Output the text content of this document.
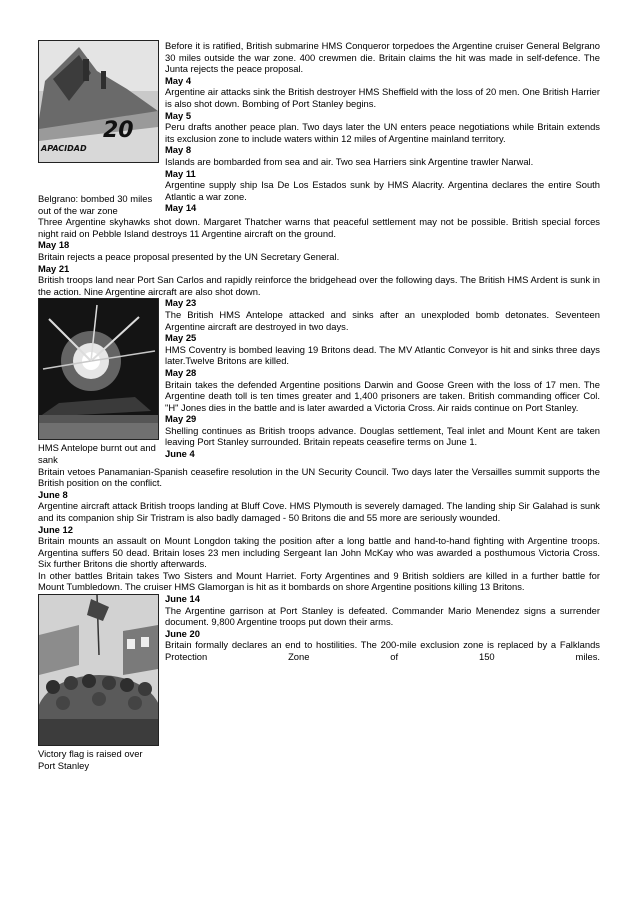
20
APACIDAD
Belgrano: bombed 30 miles out of the war zone

Before it is ratified, British submarine HMS Conqueror torpedoes the Argentine cruiser General Belgrano 30 miles outside the war zone. 400 crewmen die. Britain claims the hit was made in self-defence. The Junta rejects the peace proposal.

May 4

Argentine air attacks sink the British destroyer HMS Sheffield with the loss of 20 men. One British Harrier is also shot down. Bombing of Port Stanley begins.

May 5

Peru drafts another peace plan. Two days later the UN enters peace negotiations while Britain extends its exclusion zone to include waters within 12 miles of Argentine mainland territory.

May 8

Islands are bombarded from sea and air. Two sea Harriers sink Argentine trawler Narwal.

May 11

Argentine supply ship Isa De Los Estados sunk by HMS Alacrity. Argentina declares the entire South Atlantic a war zone.

May 14

Three Argentine skyhawks shot down. Margaret Thatcher warns that peaceful settlement may not be possible. British special forces night raid on Pebble Island destroys 11 Argentine aircraft on the ground.

May 18

Britain rejects a peace proposal presented by the UN Secretary General.

May 21

British troops land near Port San Carlos and rapidly reinforce the bridgehead over the following days. The British HMS Ardent is sunk in the action. Nine Argentine aircraft are also shot down.

HMS Antelope burnt out and sank

May 23

The British HMS Antelope attacked and sinks after an unexploded bomb detonates. Seventeen Argentine aircraft are destroyed in two days.

May 25

HMS Coventry is bombed leaving 19 Britons dead. The MV Atlantic Conveyor is hit and sinks three days later.Twelve Britons are killed.

May 28

Britain takes the defended Argentine positions Darwin and Goose Green with the loss of 17 men. The Argentine death toll is ten times greater and 1,400 prisoners are taken. British commanding officer Col. "H" Jones dies in the battle and is later awarded a Victoria Cross. Air raids continue on Port Stanley.

May 29

Shelling continues as British troops advance. Douglas settlement, Teal inlet and Mount Kent are taken leaving Port Stanley surrounded. Britain repeats ceasefire terms on June 1.

June 4

Britain vetoes Panamanian-Spanish ceasefire resolution in the UN Security Council. Two days later the Versailles summit supports the British position on the conflict.

June 8

Argentine aircraft attack British troops landing at Bluff Cove. HMS Plymouth is severely damaged. The landing ship Sir Galahad is sunk and its companion ship Sir Tristram is also badly damaged - 50 Britons die and 55 more are seriously wounded.

June 12

Britain mounts an assault on Mount Longdon taking the position after a long battle and hand-to-hand fighting with Argentine troops. Argentina suffers 50 dead. Britain loses 23 men including Sergeant Ian John McKay who was awarded a posthumous Victoria Cross. Six further Britons die shortly afterwards.

In other battles Britain takes Two Sisters and Mount Harriet. Forty Argentines and 9 British soldiers are killed in a further battle for Mount Tumbledown. The cruiser HMS Glamorgan is hit as it bombards on shore Argentine positions killing 13 Britons.

Victory flag is raised over Port Stanley

June 14

The Argentine garrison at Port Stanley is defeated. Commander Mario Menendez signs a surrender document. 9,800 Argentine troops put down their arms.

June 20

Britain formally declares an end to hostilities. The 200-mile exclusion zone is replaced by a Falklands Protection Zone of 150 miles.
